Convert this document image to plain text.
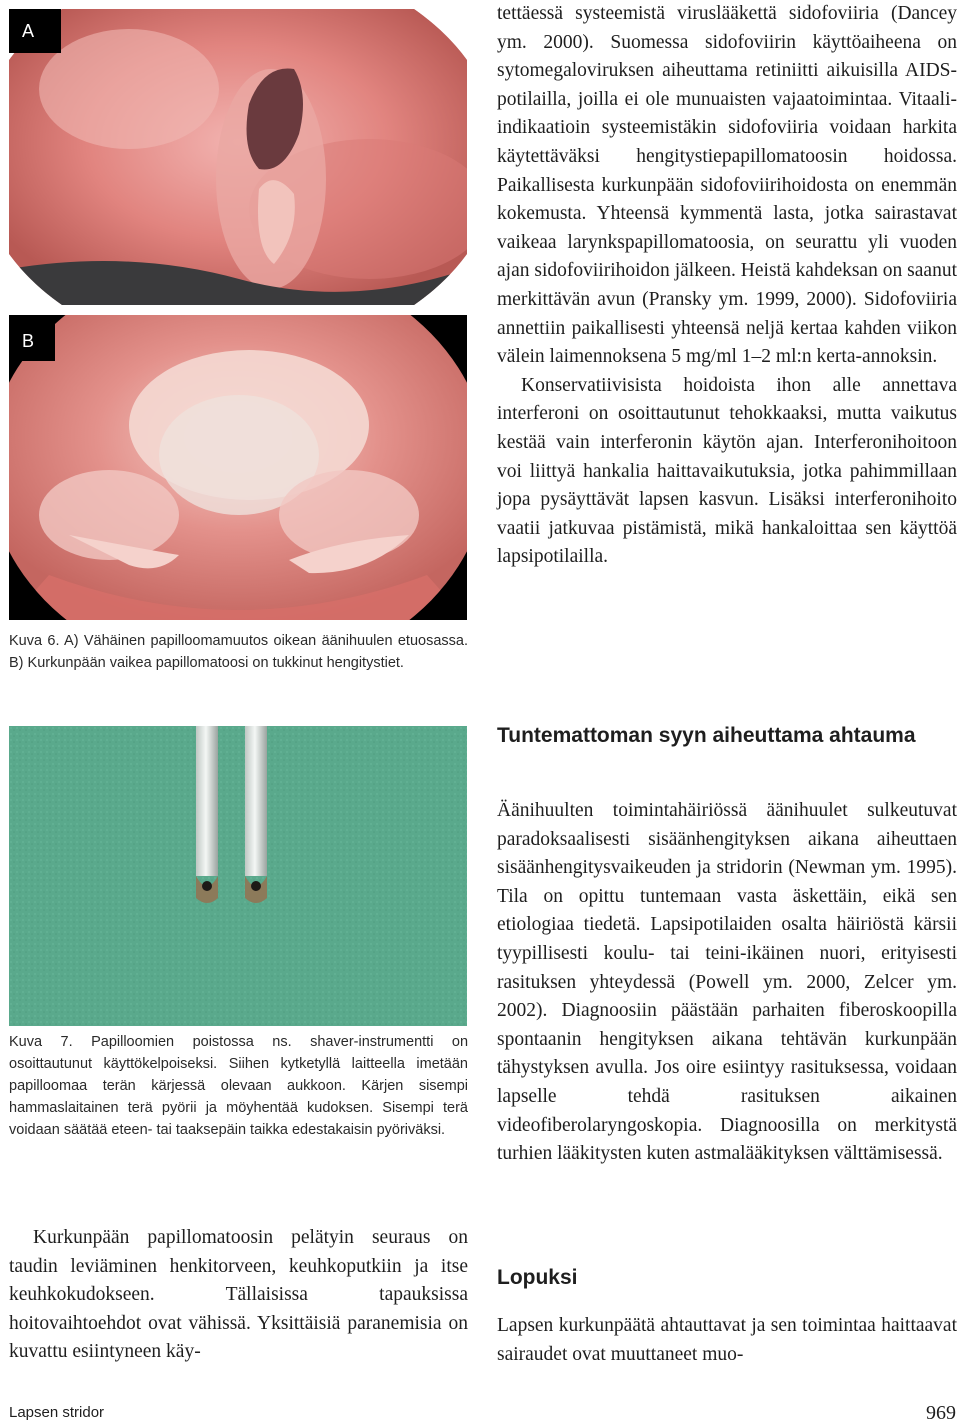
A
B
Kuva 6. A) Vähäinen papilloomamuutos oikean äänihuulen etuosassa. B) Kurkunpään vaikea papillomatoosi on tukkinut hengitystiet.
Kuva 7. Papilloomien poistossa ns. shaver-instrumentti on osoittautunut käyttökelpoiseksi. Siihen kytketyllä laitteella imetään papilloomaa terän kärjessä olevaan aukkoon. Kärjen sisempi hammaslaitainen terä pyörii ja möyhentää kudoksen. Sisempi terä voidaan säätää eteen- tai taaksepäin taikka edestakaisin pyöriväksi.

Kurkunpään papillomatoosin pelätyin seuraus on taudin leviäminen henkitorveen, keuhkoputkiin ja itse keuhkokudokseen. Tällaisissa tapauksissa hoitovaihtoehdot ovat vähissä. Yksittäisiä paranemisia on kuvattu esiintyneen käy-

tettäessä systeemistä viruslääkettä sidofoviiria (Dancey ym. 2000). Suomessa sidofoviirin käyttöaiheena on sytomegaloviruksen aiheuttama retiniitti aikuisilla AIDS-potilailla, joilla ei ole munuaisten vajaatoimintaa. Vitaali-indikaatioin systeemistäkin sidofoviiria voidaan harkita käytettäväksi hengitystiepapillomatoosin hoidossa. Paikallisesta kurkunpään sidofoviirihoidosta on enemmän kokemusta. Yhteensä kymmentä lasta, jotka sairastavat vaikeaa larynkspapillomatoosia, on seurattu yli vuoden ajan sidofoviirihoidon jälkeen. Heistä kahdeksan on saanut merkittävän avun (Pransky ym. 1999, 2000). Sidofoviiria annettiin paikallisesti yhteensä neljä kertaa kahden viikon välein laimennoksena 5 mg/ml 1–2 ml:n kerta-annoksin.

Konservatiivisista hoidoista ihon alle annettava interferoni on osoittautunut tehokkaaksi, mutta vaikutus kestää vain interferonin käytön ajan. Interferonihoitoon voi liittyä hankalia haittavaikutuksia, jotka pahimmillaan jopa pysäyttävät lapsen kasvun. Lisäksi interferonihoito vaatii jatkuvaa pistämistä, mikä hankaloittaa sen käyttöä lapsipotilailla.

Tuntemattoman syyn aiheuttama ahtauma

Äänihuulten toimintahäiriössä äänihuulet sulkeutuvat paradoksaalisesti sisäänhengityksen aikana aiheuttaen sisäänhengitysvaikeuden ja stridorin (Newman ym. 1995). Tila on opittu tuntemaan vasta äskettäin, eikä sen etiologiaa tiedetä. Lapsipotilaiden osalta häiriöstä kärsii tyypillisesti koulu- tai teini-ikäinen nuori, erityisesti rasituksen yhteydessä (Powell ym. 2000, Zelcer ym. 2002). Diagnoosiin päästään parhaiten fiberoskoopilla spontaanin hengityksen aikana tehtävän kurkunpään tähystyksen avulla. Jos oire esiintyy rasituksessa, voidaan lapselle tehdä rasituksen aikainen videofiberolaryngoskopia. Diagnoosilla on merkitystä turhien lääkitysten kuten astmalääkityksen välttämisessä.

Lopuksi

Lapsen kurkunpäätä ahtauttavat ja sen toimintaa haittaavat sairaudet ovat muuttaneet muo-

Lapsen stridor	969
